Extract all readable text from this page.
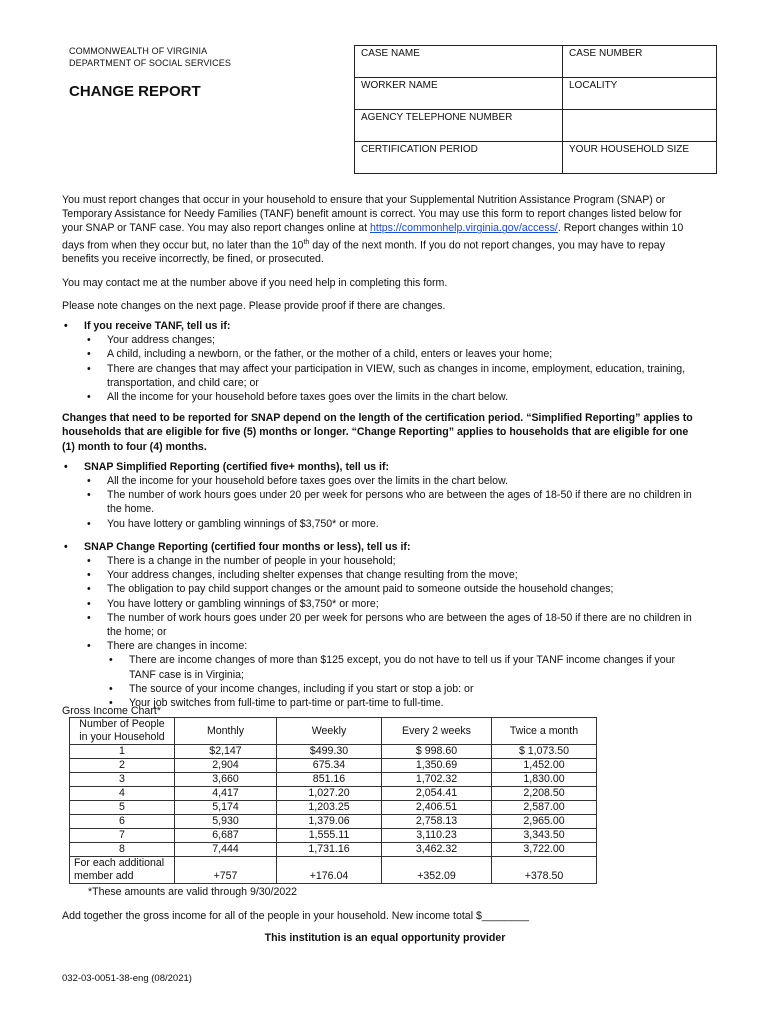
COMMONWEALTH OF VIRGINIA
DEPARTMENT OF SOCIAL SERVICES
CHANGE REPORT
CASE NAME	CASE NUMBER
WORKER NAME	LOCALITY
AGENCY TELEPHONE NUMBER	
CERTIFICATION PERIOD	YOUR HOUSEHOLD SIZE

You must report changes that occur in your household to ensure that your Supplemental Nutrition Assistance Program (SNAP) or Temporary Assistance for Needy Families (TANF) benefit amount is correct. You may use this form to report changes listed below for your SNAP or TANF case. You may also report changes online at https://commonhelp.virginia.gov/access/. Report changes within 10 days from when they occur but, no later than the 10th day of the next month. If you do not report changes, you may have to repay benefits you receive incorrectly, be fined, or prosecuted.

You may contact me at the number above if you need help in completing this form.

Please note changes on the next page. Please provide proof if there are changes.

• If you receive TANF, tell us if:
• Your address changes;
• A child, including a newborn, or the father, or the mother of a child, enters or leaves your home;
• There are changes that may affect your participation in VIEW, such as changes in income, employment, education, training, transportation, and child care; or
• All the income for your household before taxes goes over the limits in the chart below.

Changes that need to be reported for SNAP depend on the length of the certification period. “Simplified Reporting” applies to households that are eligible for five (5) months or longer. “Change Reporting” applies to households that are eligible for one (1) month to four (4) months.

• SNAP Simplified Reporting (certified five+ months), tell us if:
• All the income for your household before taxes goes over the limits in the chart below.
• The number of work hours goes under 20 per week for persons who are between the ages of 18-50 if there are no children in the home.
• You have lottery or gambling winnings of $3,750* or more.
• SNAP Change Reporting (certified four months or less), tell us if:
• There is a change in the number of people in your household;
• Your address changes, including shelter expenses that change resulting from the move;
• The obligation to pay child support changes or the amount paid to someone outside the household changes;
• You have lottery or gambling winnings of $3,750* or more;
• The number of work hours goes under 20 per week for persons who are between the ages of 18-50 if there are no children in the home; or
• There are changes in income:
• There are income changes of more than $125 except, you do not have to tell us if your TANF income changes if your TANF case is in Virginia;
• The source of your income changes, including if you start or stop a job: or
• Your job switches from full-time to part-time or part-time to full-time.
Gross Income Chart*
Number of People in your Household	Monthly	Weekly	Every 2 weeks	Twice a month
1	$2,147	$499.30	$ 998.60	$ 1,073.50
2	2,904	675.34	1,350.69	1,452.00
3	3,660	851.16	1,702.32	1,830.00
4	4,417	1,027.20	2,054.41	2,208.50
5	5,174	1,203.25	2,406.51	2,587.00
6	5,930	1,379.06	2,758.13	2,965.00
7	6,687	1,555.11	3,110.23	3,343.50
8	7,444	1,731.16	3,462.32	3,722.00
For each additional member add	+757	+176.04	+352.09	+378.50
*These amounts are valid through 9/30/2022
Add together the gross income for all of the people in your household. New income total $________
This institution is an equal opportunity provider
032-03-0051-38-eng (08/2021)
